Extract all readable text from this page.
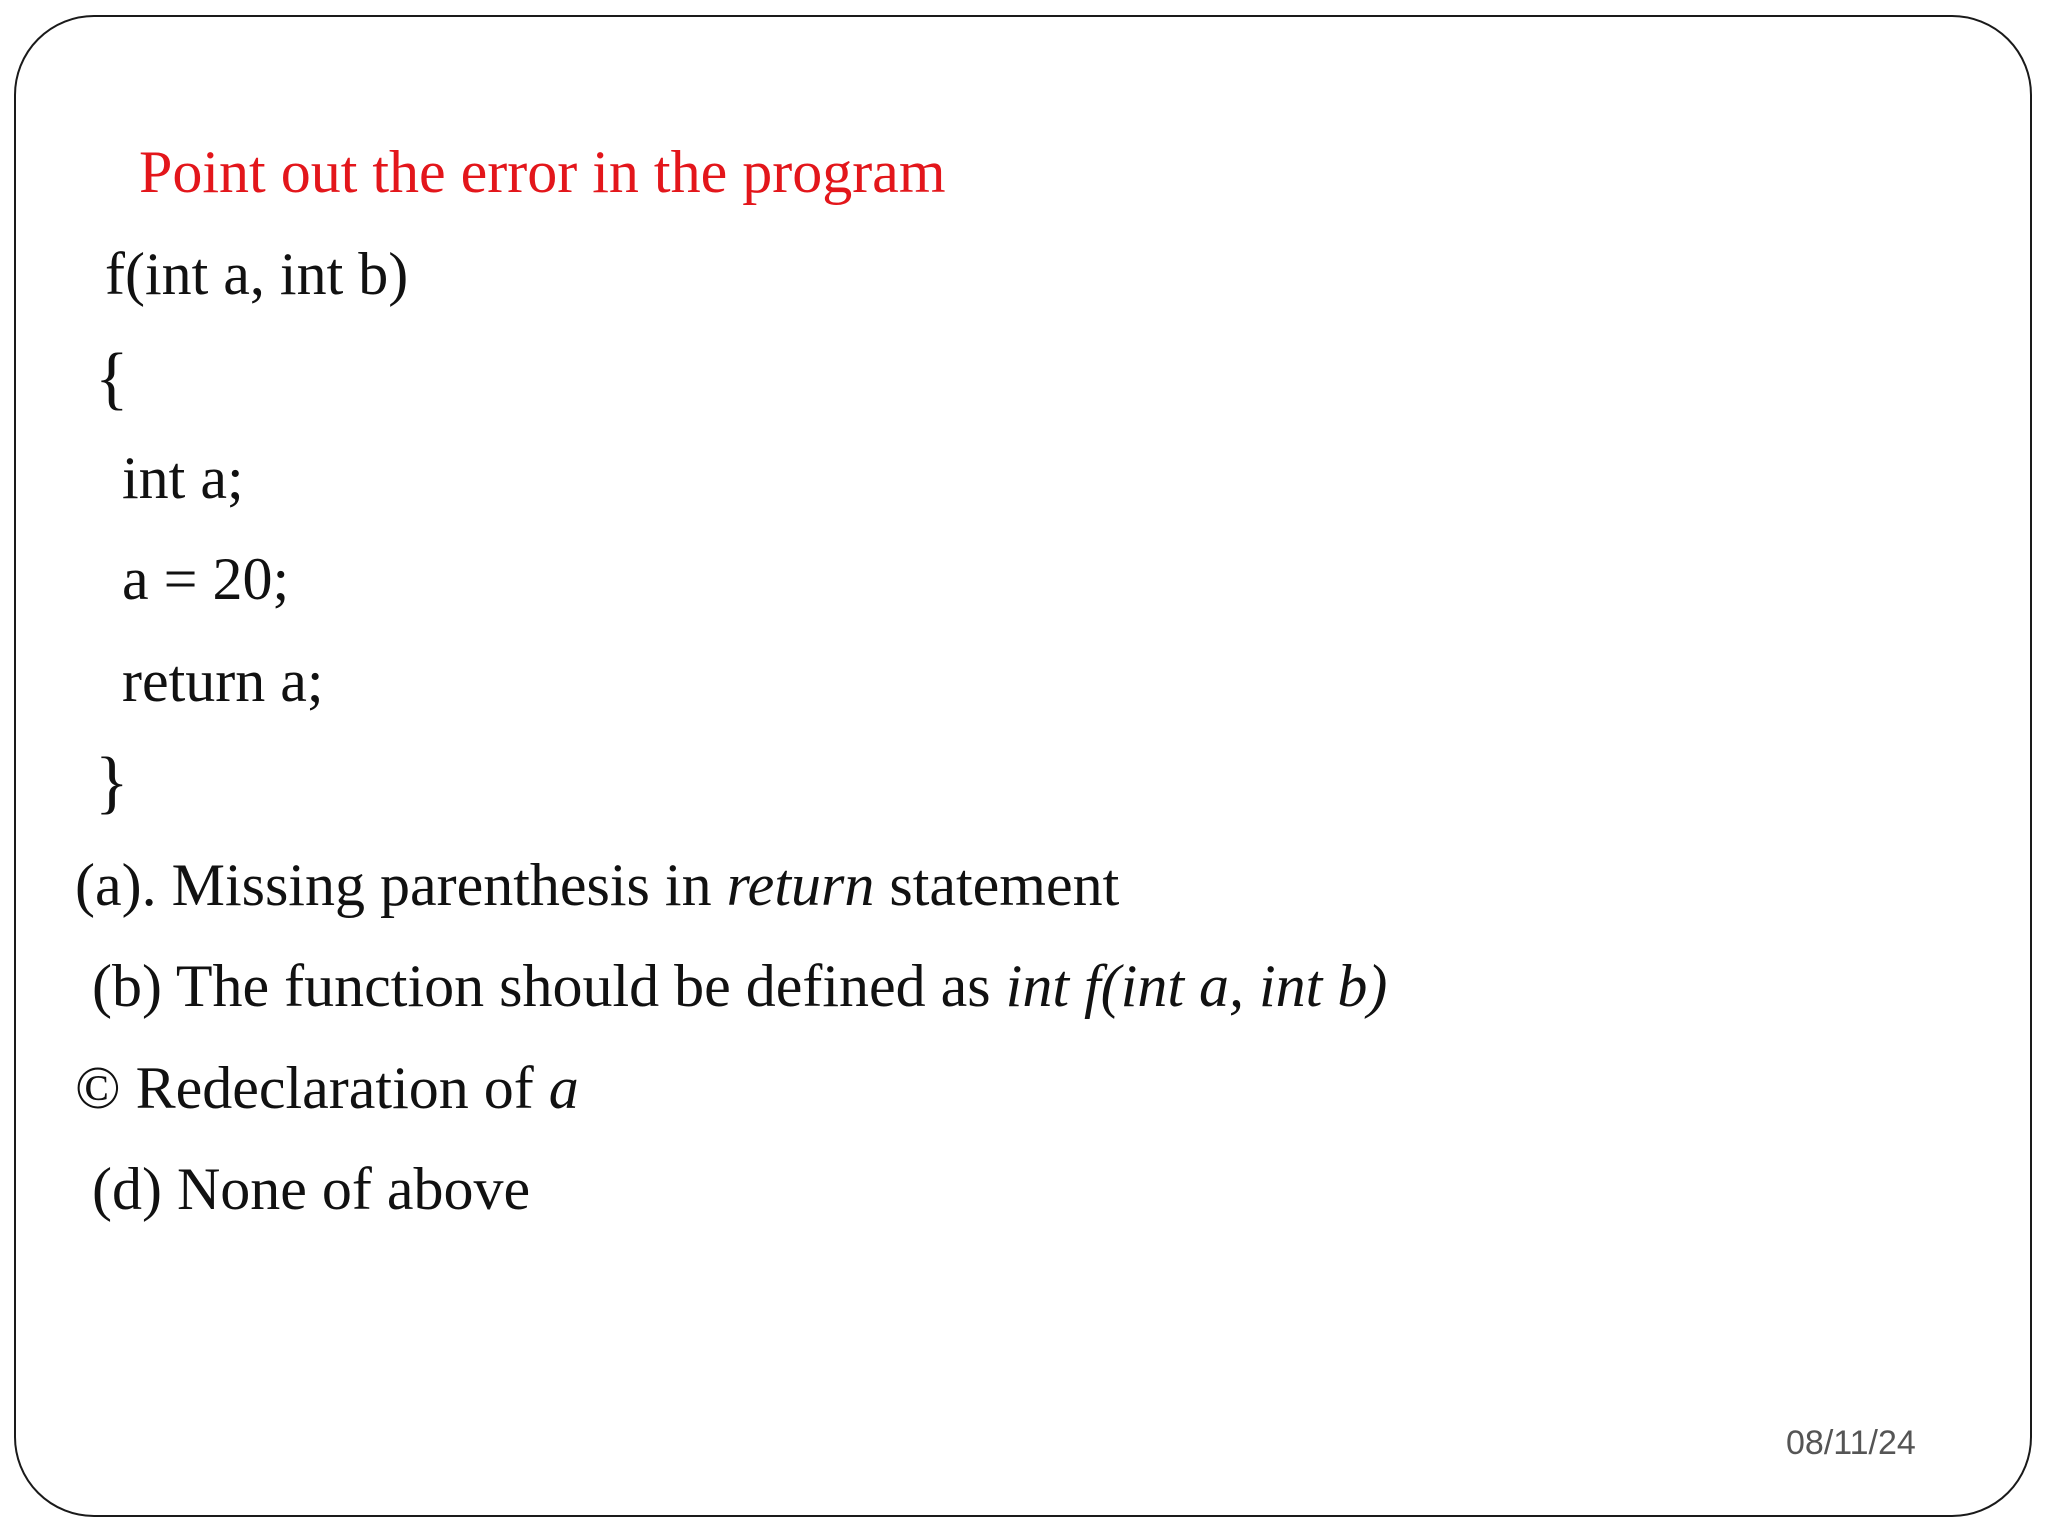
Point out the error in the program
f(int a, int b)
{
int a;
a = 20;
return a;
}
(a). Missing parenthesis in return statement
(b) The function should be defined as int f(int a, int b)
© Redeclaration of a
(d) None of above
08/11/24
